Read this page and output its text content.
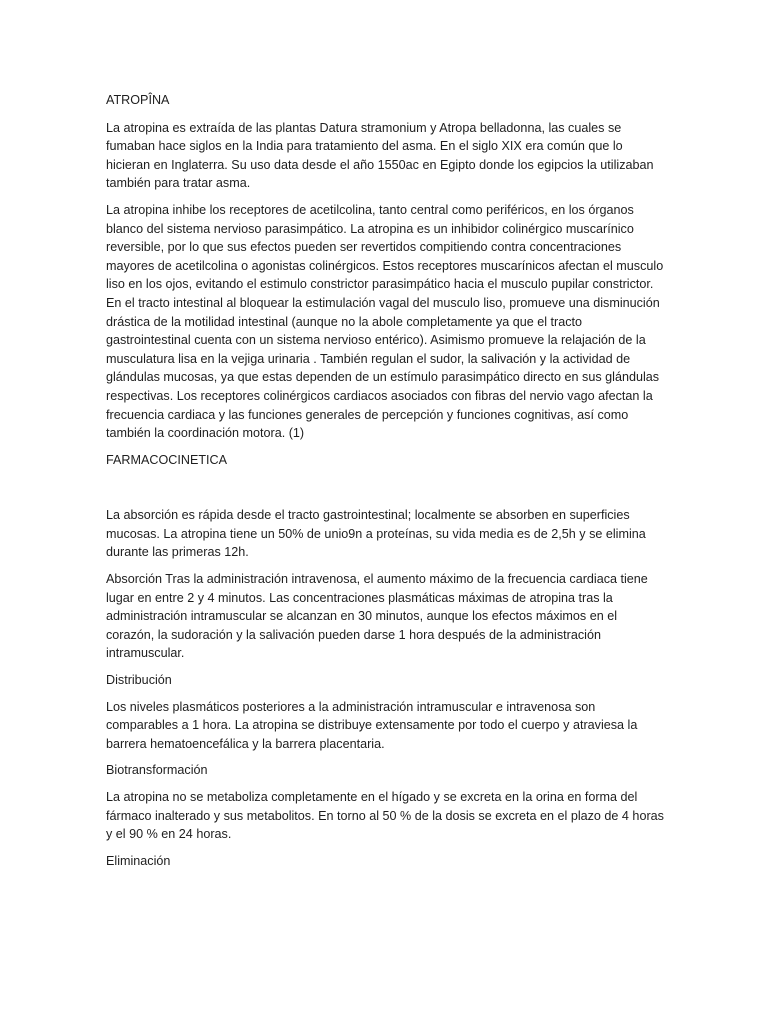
ATROPÎNA

La atropina es extraída de las plantas Datura stramonium y Atropa belladonna, las cuales se fumaban hace siglos en la India para tratamiento del asma. En el siglo XIX era común que lo hicieran en Inglaterra. Su uso data desde el año 1550ac en Egipto donde los egipcios la utilizaban también para tratar asma.

La atropina inhibe los receptores de acetilcolina, tanto central como periféricos, en los órganos blanco del sistema nervioso parasimpático. La atropina es un inhibidor colinérgico muscarínico reversible, por lo que sus efectos pueden ser revertidos compitiendo contra concentraciones mayores de acetilcolina o agonistas colinérgicos. Estos receptores muscarínicos afectan el musculo liso en los ojos, evitando el estimulo constrictor parasimpático hacia el musculo pupilar constrictor. En el tracto intestinal al bloquear la estimulación vagal del musculo liso, promueve una disminución drástica de la motilidad intestinal (aunque no la abole completamente ya que el tracto gastrointestinal cuenta con un sistema nervioso entérico). Asimismo promueve la relajación de la musculatura lisa en la vejiga urinaria . También regulan el sudor, la salivación y la actividad de glándulas mucosas, ya que estas dependen de un estímulo parasimpático directo en sus glándulas respectivas. Los receptores colinérgicos cardiacos asociados con fibras del nervio vago afectan la frecuencia cardiaca y las funciones generales de percepción y funciones cognitivas, así como también la coordinación motora. (1)

FARMACOCINETICA

La absorción es rápida desde el tracto gastrointestinal; localmente se absorben en superficies mucosas. La atropina tiene un 50% de unio9n a proteínas, su vida media es de 2,5h y se elimina durante las primeras 12h.

Absorción Tras la administración intravenosa, el aumento máximo de la frecuencia cardiaca tiene lugar en entre 2 y 4 minutos. Las concentraciones plasmáticas máximas de atropina tras la administración intramuscular se alcanzan en 30 minutos, aunque los efectos máximos en el corazón, la sudoración y la salivación pueden darse 1 hora después de la administración intramuscular.

Distribución

Los niveles plasmáticos posteriores a la administración intramuscular e intravenosa son comparables a 1 hora. La atropina se distribuye extensamente por todo el cuerpo y atraviesa la barrera hematoencefálica y la barrera placentaria.

Biotransformación

La atropina no se metaboliza completamente en el hígado y se excreta en la orina en forma del fármaco inalterado y sus metabolitos. En torno al 50 % de la dosis se excreta en el plazo de 4 horas y el 90 % en 24 horas.

Eliminación
